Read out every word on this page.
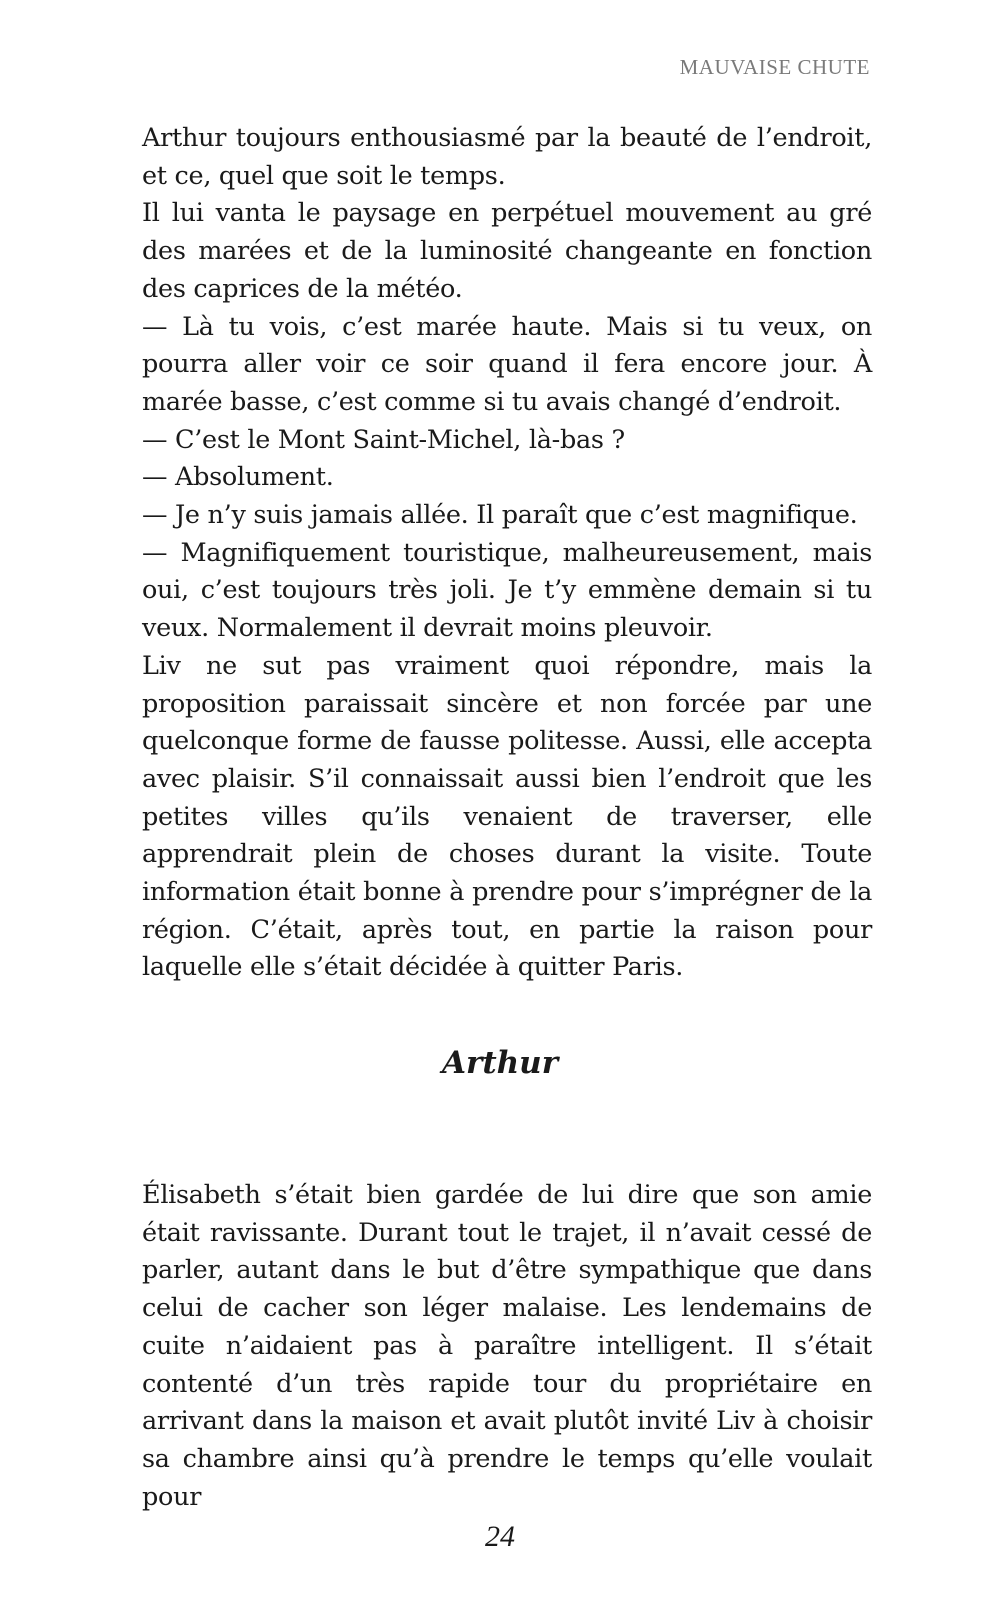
MAUVAISE CHUTE

Arthur toujours enthousiasmé par la beauté de l’endroit, et ce, quel que soit le temps.

Il lui vanta le paysage en perpétuel mouvement au gré des marées et de la luminosité changeante en fonction des caprices de la météo.

— Là tu vois, c’est marée haute. Mais si tu veux, on pourra aller voir ce soir quand il fera encore jour. À marée basse, c’est comme si tu avais changé d’endroit.

— C’est le Mont Saint-Michel, là-bas ?

— Absolument.

— Je n’y suis jamais allée. Il paraît que c’est magnifique.

— Magnifiquement touristique, malheureusement, mais oui, c’est toujours très joli. Je t’y emmène demain si tu veux. Normalement il devrait moins pleuvoir.

Liv ne sut pas vraiment quoi répondre, mais la proposition paraissait sincère et non forcée par une quelconque forme de fausse politesse. Aussi, elle accepta avec plaisir. S’il connaissait aussi bien l’endroit que les petites villes qu’ils venaient de traverser, elle apprendrait plein de choses durant la visite. Toute information était bonne à prendre pour s’imprégner de la région. C’était, après tout, en partie la raison pour laquelle elle s’était décidée à quitter Paris.

Arthur

Élisabeth s’était bien gardée de lui dire que son amie était ravissante. Durant tout le trajet, il n’avait cessé de parler, autant dans le but d’être sympathique que dans celui de cacher son léger malaise. Les lendemains de cuite n’aidaient pas à paraître intelligent. Il s’était contenté d’un très rapide tour du propriétaire en arrivant dans la maison et avait plutôt invité Liv à choisir sa chambre ainsi qu’à prendre le temps qu’elle voulait pour

24
